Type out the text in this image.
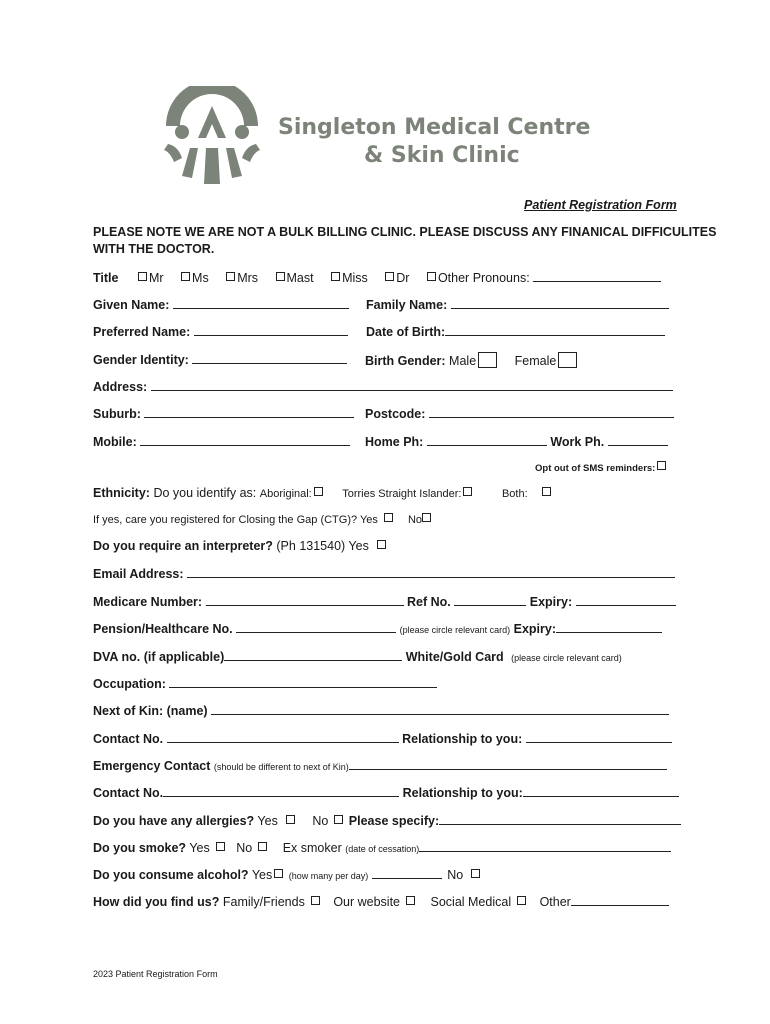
Singleton Medical Centre
& Skin Clinic
Patient Registration Form
PLEASE NOTE WE ARE NOT A BULK BILLING CLINIC. PLEASE DISCUSS ANY FINANICAL DIFFICULITES
WITH THE DOCTOR.
Title Mr Ms Mrs Mast Miss Dr Other Pronouns:
Given Name:	Family Name:
Preferred Name:	Date of Birth:
Gender Identity:	Birth Gender: Male	Female
Address:
Suburb:	Postcode:
Mobile:	Home Ph:	Work Ph.
Opt out of SMS reminders:
Ethnicity: Do you identify as: Aboriginal:	Torries Straight Islander:	Both:
If yes, care you registered for Closing the Gap (CTG)? Yes	No
Do you require an interpreter? (Ph 131540) Yes
Email Address:
Medicare Number:	Ref No.	Expiry:
Pension/Healthcare No.	(please circle relevant card) Expiry:
DVA no. (if applicable)	White/Gold Card (please circle relevant card)
Occupation:
Next of Kin: (name)
Contact No.	Relationship to you:
Emergency Contact (should be different to next of Kin)
Contact No.	Relationship to you:
Do you have any allergies? Yes	No Please specify:
Do you smoke? Yes No Ex smoker (date of cessation)
Do you consume alcohol? Yes (how many per day)	No
How did you find us? Family/Friends Our website Social Medical Other
2023 Patient Registration Form
